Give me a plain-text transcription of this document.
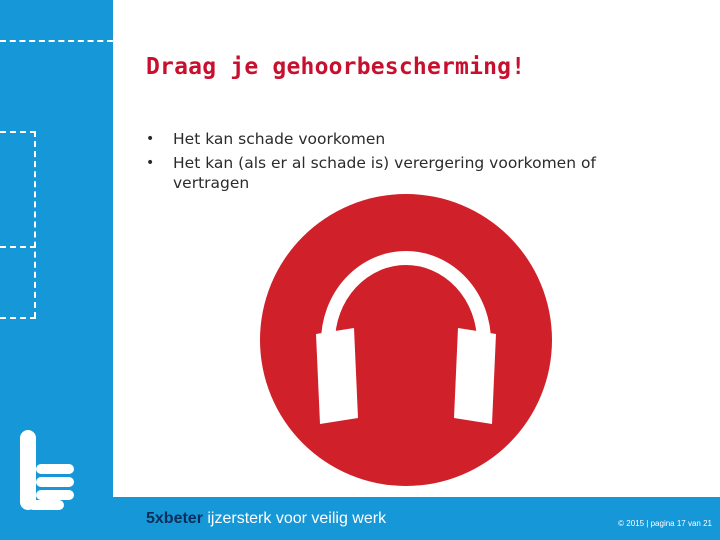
Draag je gehoorbescherming!
• Het kan schade voorkomen
• Het kan (als er al schade is) verergering voorkomen of vertragen
5xbeter ijzersterk voor veilig werk	© 2015 | pagina 17 van 21
